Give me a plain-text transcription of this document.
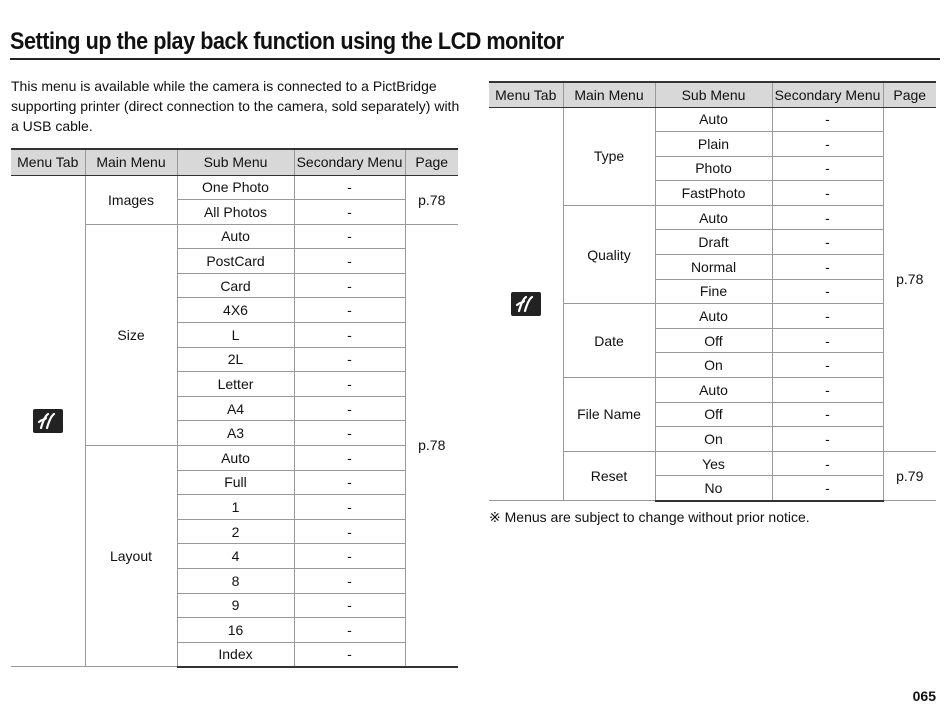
Setting up the play back function using the LCD monitor

This menu is available while the camera is connected to a PictBridge supporting printer (direct connection to the camera, sold separately) with a USB cable.

Menu Tab	Main Menu	Sub Menu	Secondary Menu	Page

	Images	One Photo	-	p.78
		All Photos	-	
	Size	Auto	-	p.78
		PostCard	-	
		Card	-	
		4X6	-	
		L	-	
		2L	-	
		Letter	-	
		A4	-	
		A3	-	
	Layout	Auto	-	
		Full	-	
		1	-	
		2	-	
		4	-	
		8	-	
		9	-	
		16	-	
		Index	-	
Menu Tab	Main Menu	Sub Menu	Secondary Menu	Page

	Type	Auto	-	p.78
		Plain	-	
		Photo	-	
		FastPhoto	-	
	Quality	Auto	-	
		Draft	-	
		Normal	-	
		Fine	-	
	Date	Auto	-	
		Off	-	
		On	-	
	File Name	Auto	-	
		Off	-	
		On	-	
	Reset	Yes	-	p.79
		No	-	
※ Menus are subject to change without prior notice.
065
